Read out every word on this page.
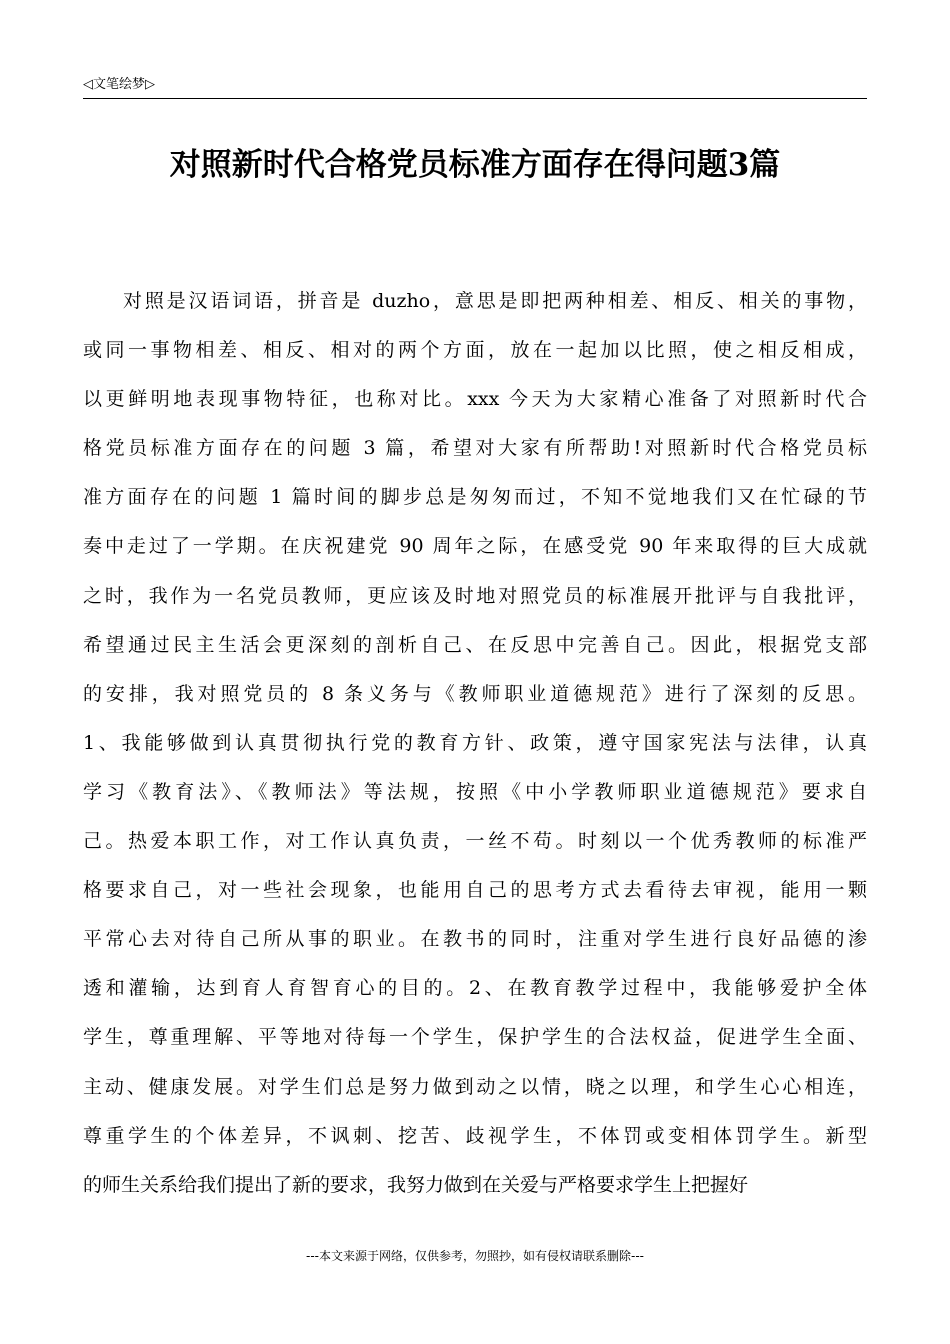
◁文笔绘梦▷
对照新时代合格党员标准方面存在得问题3篇
对照是汉语词语，拼音是 duzho，意思是即把两种相差、相反、相关的事物，
或同一事物相差、相反、相对的两个方面，放在一起加以比照，使之相反相成，
以更鲜明地表现事物特征，也称对比。xxx 今天为大家精心准备了对照新时代合
格党员标准方面存在的问题 3 篇，希望对大家有所帮助!对照新时代合格党员标
准方面存在的问题 1 篇时间的脚步总是匆匆而过，不知不觉地我们又在忙碌的节
奏中走过了一学期。在庆祝建党 90 周年之际，在感受党 90 年来取得的巨大成就
之时，我作为一名党员教师，更应该及时地对照党员的标准展开批评与自我批评，
希望通过民主生活会更深刻的剖析自己、在反思中完善自己。因此，根据党支部
的安排，我对照党员的 8 条义务与《教师职业道德规范》进行了深刻的反思。
1、我能够做到认真贯彻执行党的教育方针、政策，遵守国家宪法与法律，认真
学习《教育法》、《教师法》等法规，按照《中小学教师职业道德规范》要求自
己。热爱本职工作，对工作认真负责，一丝不苟。时刻以一个优秀教师的标准严
格要求自己，对一些社会现象，也能用自己的思考方式去看待去审视，能用一颗
平常心去对待自己所从事的职业。在教书的同时，注重对学生进行良好品德的渗
透和灌输，达到育人育智育心的目的。2、在教育教学过程中，我能够爱护全体
学生，尊重理解、平等地对待每一个学生，保护学生的合法权益，促进学生全面、
主动、健康发展。对学生们总是努力做到动之以情，晓之以理，和学生心心相连，
尊重学生的个体差异，不讽刺、挖苦、歧视学生，不体罚或变相体罚学生。新型
的师生关系给我们提出了新的要求，我努力做到在关爱与严格要求学生上把握好
---本文来源于网络，仅供参考，勿照抄，如有侵权请联系删除---
